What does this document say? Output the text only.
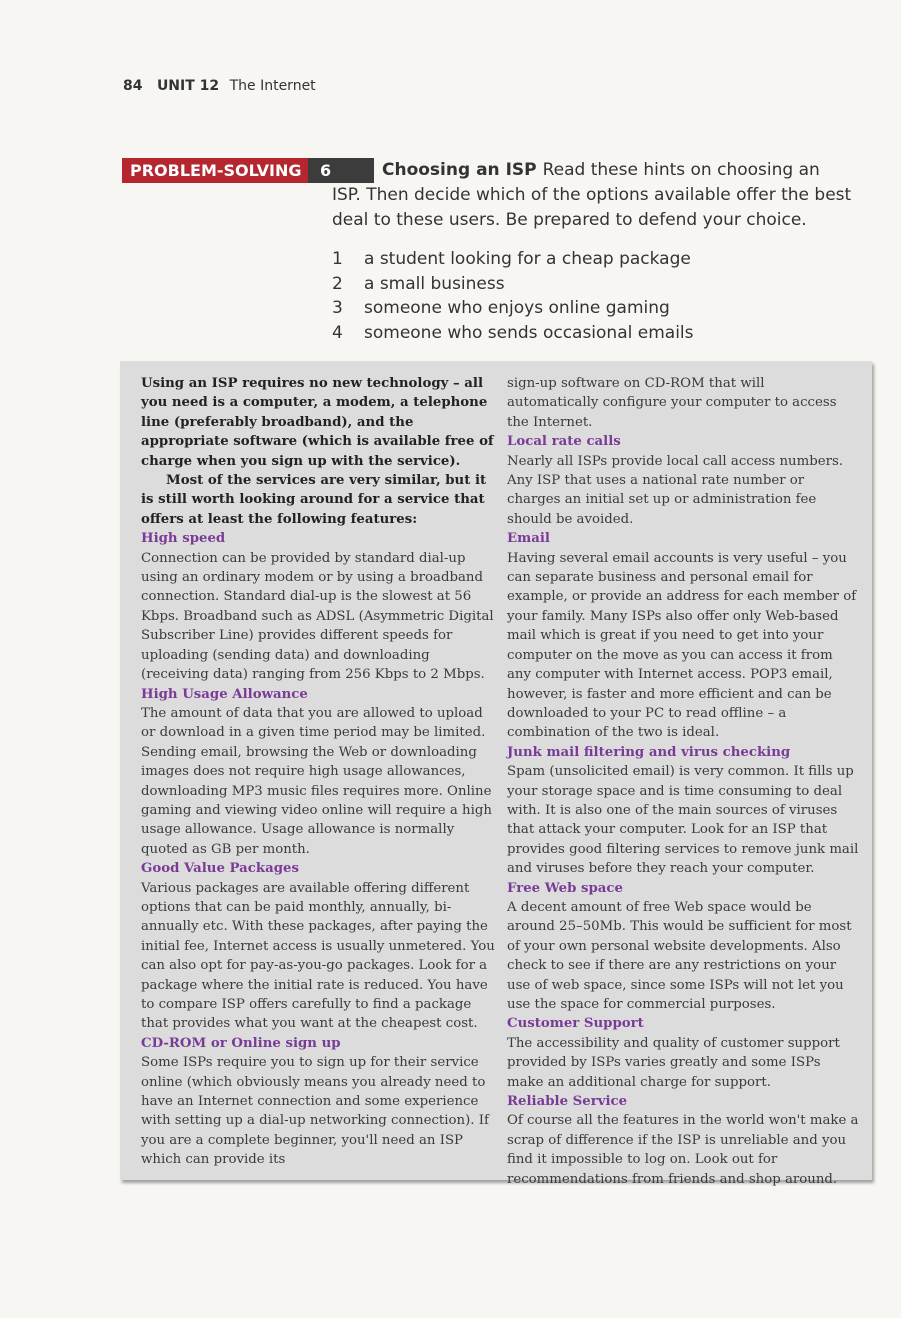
84 UNIT 12 The Internet
PROBLEM-SOLVING	6	Choosing an ISP Read these hints on choosing an ISP. Then decide which of the options available offer the best deal to these users. Be prepared to defend your choice.
1	a student looking for a cheap package
2	a small business
3	someone who enjoys online gaming
4	someone who sends occasional emails

Using an ISP requires no new technology – all you need is a computer, a modem, a telephone line (preferably broadband), and the appropriate software (which is available free of charge when you sign up with the service).

Most of the services are very similar, but it is still worth looking around for a service that offers at least the following features:

High speed

Connection can be provided by standard dial-up using an ordinary modem or by using a broadband connection. Standard dial-up is the slowest at 56 Kbps. Broadband such as ADSL (Asymmetric Digital Subscriber Line) provides different speeds for uploading (sending data) and downloading (receiving data) ranging from 256 Kbps to 2 Mbps.

High Usage Allowance

The amount of data that you are allowed to upload or download in a given time period may be limited. Sending email, browsing the Web or downloading images does not require high usage allowances, downloading MP3 music files requires more. Online gaming and viewing video online will require a high usage allowance. Usage allowance is normally quoted as GB per month.

Good Value Packages

Various packages are available offering different options that can be paid monthly, annually, bi-annually etc. With these packages, after paying the initial fee, Internet access is usually unmetered. You can also opt for pay-as-you-go packages. Look for a package where the initial rate is reduced. You have to compare ISP offers carefully to find a package that provides what you want at the cheapest cost.

CD-ROM or Online sign up

Some ISPs require you to sign up for their service online (which obviously means you already need to have an Internet connection and some experience with setting up a dial-up networking connection). If you are a complete beginner, you'll need an ISP which can provide its

sign-up software on CD-ROM that will automatically configure your computer to access the Internet.

Local rate calls

Nearly all ISPs provide local call access numbers. Any ISP that uses a national rate number or charges an initial set up or administration fee should be avoided.

Email

Having several email accounts is very useful – you can separate business and personal email for example, or provide an address for each member of your family. Many ISPs also offer only Web-based mail which is great if you need to get into your computer on the move as you can access it from any computer with Internet access. POP3 email, however, is faster and more efficient and can be downloaded to your PC to read offline – a combination of the two is ideal.

Junk mail filtering and virus checking

Spam (unsolicited email) is very common. It fills up your storage space and is time consuming to deal with. It is also one of the main sources of viruses that attack your computer. Look for an ISP that provides good filtering services to remove junk mail and viruses before they reach your computer.

Free Web space

A decent amount of free Web space would be around 25–50Mb. This would be sufficient for most of your own personal website developments. Also check to see if there are any restrictions on your use of web space, since some ISPs will not let you use the space for commercial purposes.

Customer Support

The accessibility and quality of customer support provided by ISPs varies greatly and some ISPs make an additional charge for support.

Reliable Service

Of course all the features in the world won't make a scrap of difference if the ISP is unreliable and you find it impossible to log on. Look out for recommendations from friends and shop around.
